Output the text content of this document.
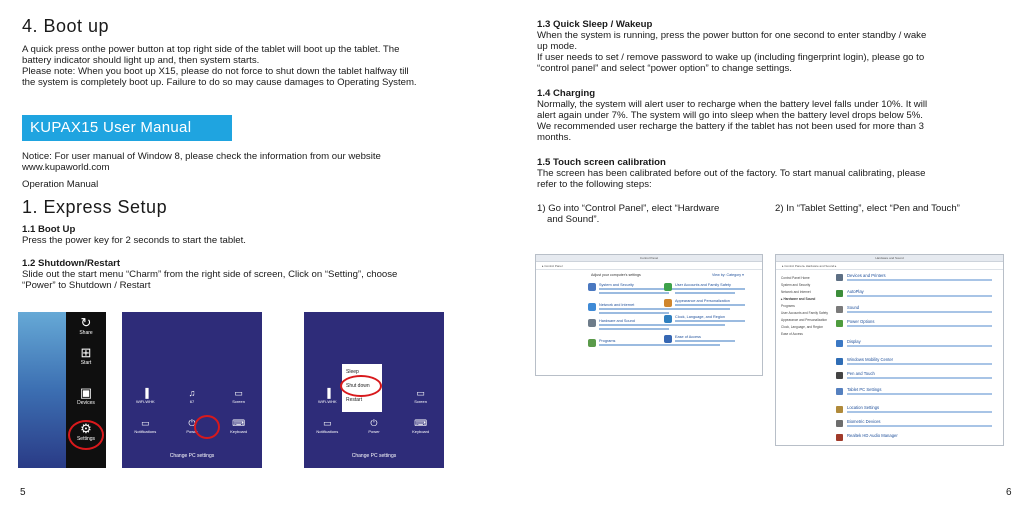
4. Boot up
A quick press onthe power button at top right side of the tablet will boot up the tablet. The
battery indicator should light up and, then system starts.
Please note: When you boot up X15, please do not force to shut down the tablet halfway till
the system is completely boot up. Failure to do so may cause damages to Operating System.
KUPAX15 User Manual
Notice: For user manual of Window 8, please check the information from our website
www.kupaworld.com
Operation Manual
1. Express Setup
1.1 Boot Up
Press the power key for 2 seconds to start the tablet.
1.2 Shutdown/Restart
Slide out the start menu “Charm” from the right side of screen, Click on “Setting”, choose
“Power” to Shutdown / Restart
↻
Share
⊞
Start
▣
Devices
⚙
Settings
▐
WiFi-WHK
♫
67
▭
Screen
▭
Notifications
⏻
Power
⌨
Keyboard
Change PC settings
▐
WiFi-WHK
▭
Screen
▭
Notifications
⏻
Power
⌨
Keyboard
Sleep
Shut down
Restart
Change PC settings
5
1.3 Quick Sleep / Wakeup
When the system is running, press the power button for one second to enter standby / wake
up mode.
If user needs to set / remove password to wake up (including fingerprint login), please go to
“control panel” and select “power option” to change settings.
1.4 Charging
Normally, the system will alert user to recharge when the battery level falls under 10%. It will
alert again under 7%. The system will go into sleep when the battery level drops below 5%.
We recommended user recharge the battery if the tablet has not been used for more than 3
months.
1.5 Touch screen calibration
The screen has been calibrated before out of the factory. To start manual calibrating, please
refer to the following steps:
1) Go into “Control Panel”, elect “Hardware
and Sound”.
2) In “Tablet Setting”, elect “Pen and Touch”
Control Panel
▸ Control Panel
Adjust your computer's settings	View by: Category ▾
System and Security
Network and Internet
Hardware and Sound
Programs
User Accounts and Family Safety
Appearance and Personalization
Clock, Language, and Region
Ease of Access
Hardware and Sound
▸ Control Panel ▸ Hardware and Sound ▸
Control Panel Home
System and Security
Network and Internet
▸ Hardware and Sound
Programs
User Accounts and Family Safety
Appearance and Personalization
Clock, Language, and Region
Ease of Access
Devices and Printers
AutoPlay
Sound
Power Options
Display
Windows Mobility Center
Pen and Touch
Tablet PC Settings
Location Settings
Biometric Devices
Realtek HD Audio Manager
6
